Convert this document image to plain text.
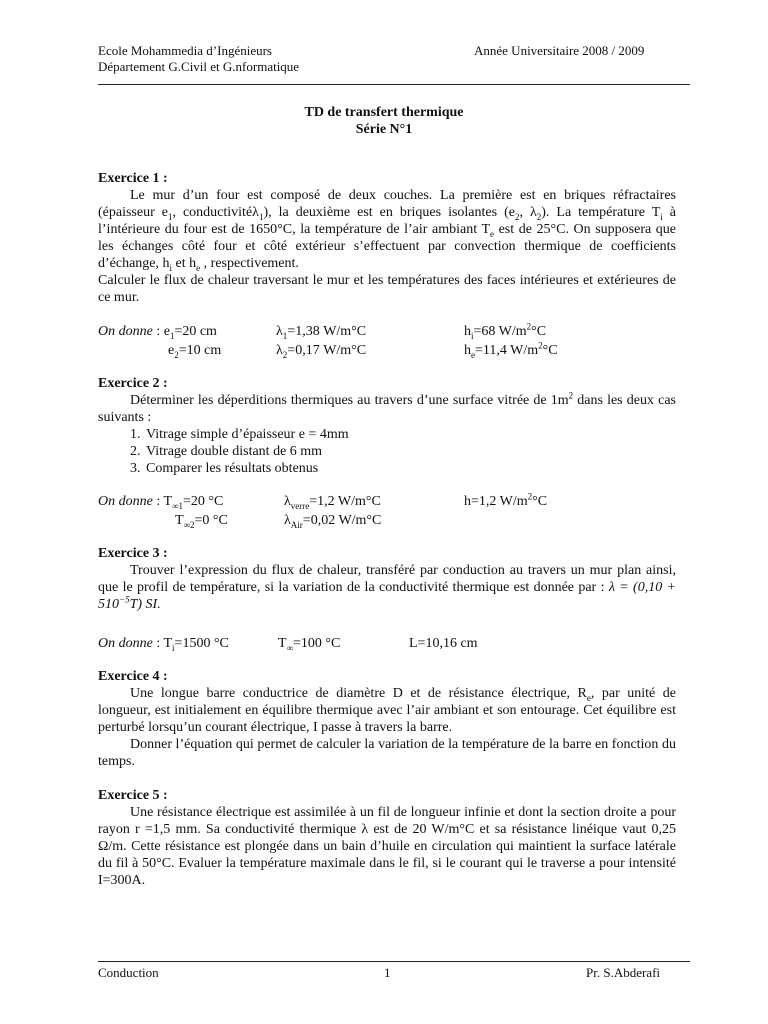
Ecole Mohammedia d’Ingénieurs
Département G.Civil et G.nformatique
Année Universitaire 2008 / 2009
TD de transfert thermique
Série N°1
Exercice 1 :
Le mur d’un four est composé de deux couches. La première est en briques réfractaires (épaisseur $e_1$, conductivitéλ$_1$), la deuxième est en briques isolantes ($e_2$, $\lambda_2$). La température $T_i$ à l’intérieure du four est de 1650°C, la température de l’air ambiant $T_e$ est de 25°C. On supposera que les échanges côté four et côté extérieur s’effectuent par convection thermique de coefficients d’échange, $h_i$ et $h_e$ , respectivement.
Calculer le flux de chaleur traversant le mur et les températures des faces intérieures et extérieures de ce mur.
On donne : $e_1=20$ cm	$\lambda_1=1,38$ W/m°C	$h_i=68$ $W/m^2^\circ C$
$e_2=10$ cm	$\lambda_2=0,17$ W/m°C	$h_e=11,4$ $W/m^2^\circ C$
Exercice 2 :
Déterminer les déperditions thermiques au travers d’une surface vitrée de $1m^2$ dans les deux cas suivants :
1. Vitrage simple d’épaisseur e = 4mm
2. Vitrage double distant de 6 mm
3. Comparer les résultats obtenus
On donne : $T_{\infty 1}=20$ °C	$\lambda_{verre}=1,2$ W/m°C	h=1,2 $W/m^2^\circ C$
$T_{\infty 2}=0$ °C	$\lambda_{Air}=0,02$ W/m°C
Exercice 3 :
Trouver l’expression du flux de chaleur, transféré par conduction au travers un mur plan ainsi, que le profil de température, si la variation de la conductivité thermique est donnée par : $\lambda = (0,10 + 510^{-5}T)$ SI.
On donne : $T_i=1500$ °C	$T_\infty=100$ °C	L=10,16 cm
Exercice 4 :
Une longue barre conductrice de diamètre D et de résistance électrique, $R_e$, par unité de longueur, est initialement en équilibre thermique avec l’air ambiant et son entourage. Cet équilibre est perturbé lorsqu’un courant électrique, I passe à travers la barre.
Donner l’équation qui permet de calculer la variation de la température de la barre en fonction du temps.
Exercice 5 :
Une résistance électrique est assimilée à un fil de longueur infinie et dont la section droite a pour rayon r =1,5 mm. Sa conductivité thermique λ est de 20 W/m°C et sa résistance linéique vaut 0,25 Ω/m. Cette résistance est plongée dans un bain d’huile en circulation qui maintient la surface latérale du fil à 50°C. Evaluer la température maximale dans le fil, si le courant qui le traverse a pour intensité I=300A.
Conduction	1	Pr. S.Abderafi
